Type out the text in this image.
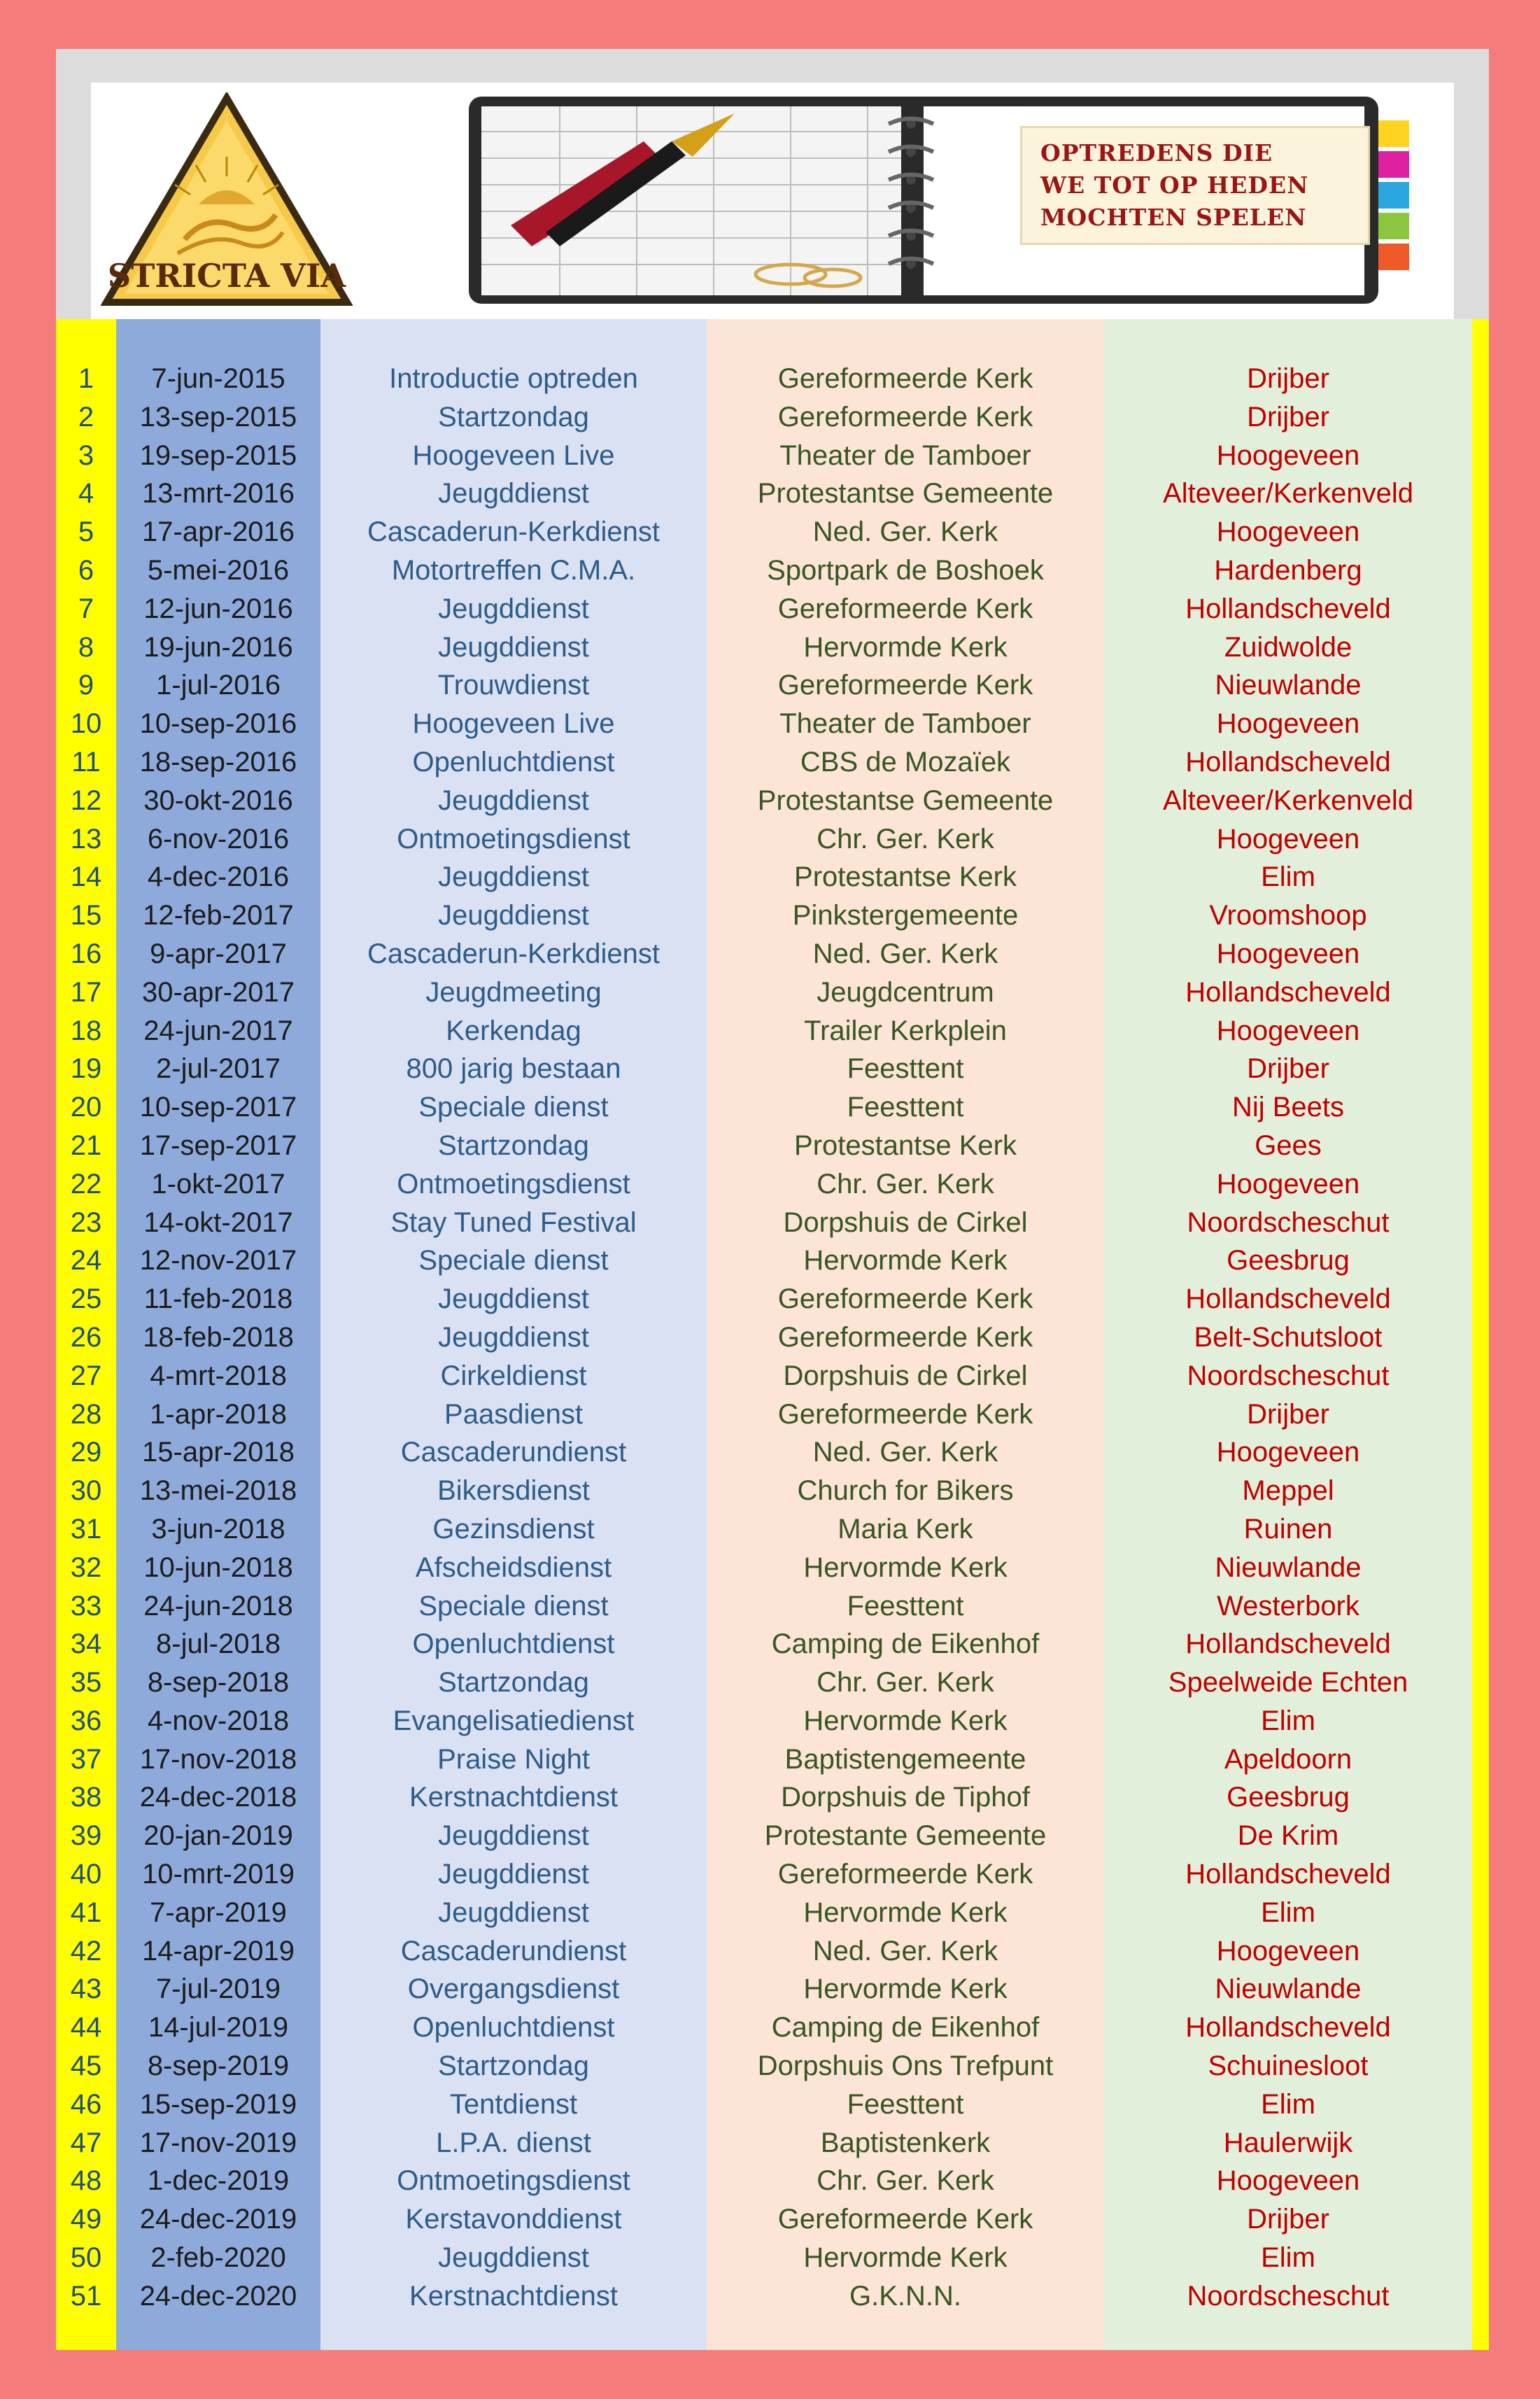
STRICTA VIA
OPTREDENS DIE
WE TOT OP HEDEN
MOCHTEN SPELEN
1	7-jun-2015	Introductie optreden	Gereformeerde Kerk	Drijber
2	13-sep-2015	Startzondag	Gereformeerde Kerk	Drijber
3	19-sep-2015	Hoogeveen Live	Theater de Tamboer	Hoogeveen
4	13-mrt-2016	Jeugddienst	Protestantse Gemeente	Alteveer/Kerkenveld
5	17-apr-2016	Cascaderun-Kerkdienst	Ned. Ger. Kerk	Hoogeveen
6	5-mei-2016	Motortreffen C.M.A.	Sportpark de Boshoek	Hardenberg
7	12-jun-2016	Jeugddienst	Gereformeerde Kerk	Hollandscheveld
8	19-jun-2016	Jeugddienst	Hervormde Kerk	Zuidwolde
9	1-jul-2016	Trouwdienst	Gereformeerde Kerk	Nieuwlande
10	10-sep-2016	Hoogeveen Live	Theater de Tamboer	Hoogeveen
11	18-sep-2016	Openluchtdienst	CBS de Mozaïek	Hollandscheveld
12	30-okt-2016	Jeugddienst	Protestantse Gemeente	Alteveer/Kerkenveld
13	6-nov-2016	Ontmoetingsdienst	Chr. Ger. Kerk	Hoogeveen
14	4-dec-2016	Jeugddienst	Protestantse Kerk	Elim
15	12-feb-2017	Jeugddienst	Pinkstergemeente	Vroomshoop
16	9-apr-2017	Cascaderun-Kerkdienst	Ned. Ger. Kerk	Hoogeveen
17	30-apr-2017	Jeugdmeeting	Jeugdcentrum	Hollandscheveld
18	24-jun-2017	Kerkendag	Trailer Kerkplein	Hoogeveen
19	2-jul-2017	800 jarig bestaan	Feesttent	Drijber
20	10-sep-2017	Speciale dienst	Feesttent	Nij Beets
21	17-sep-2017	Startzondag	Protestantse Kerk	Gees
22	1-okt-2017	Ontmoetingsdienst	Chr. Ger. Kerk	Hoogeveen
23	14-okt-2017	Stay Tuned Festival	Dorpshuis de Cirkel	Noordscheschut
24	12-nov-2017	Speciale dienst	Hervormde Kerk	Geesbrug
25	11-feb-2018	Jeugddienst	Gereformeerde Kerk	Hollandscheveld
26	18-feb-2018	Jeugddienst	Gereformeerde Kerk	Belt-Schutsloot
27	4-mrt-2018	Cirkeldienst	Dorpshuis de Cirkel	Noordscheschut
28	1-apr-2018	Paasdienst	Gereformeerde Kerk	Drijber
29	15-apr-2018	Cascaderundienst	Ned. Ger. Kerk	Hoogeveen
30	13-mei-2018	Bikersdienst	Church for Bikers	Meppel
31	3-jun-2018	Gezinsdienst	Maria Kerk	Ruinen
32	10-jun-2018	Afscheidsdienst	Hervormde Kerk	Nieuwlande
33	24-jun-2018	Speciale dienst	Feesttent	Westerbork
34	8-jul-2018	Openluchtdienst	Camping de Eikenhof	Hollandscheveld
35	8-sep-2018	Startzondag	Chr. Ger. Kerk	Speelweide Echten
36	4-nov-2018	Evangelisatiedienst	Hervormde Kerk	Elim
37	17-nov-2018	Praise Night	Baptistengemeente	Apeldoorn
38	24-dec-2018	Kerstnachtdienst	Dorpshuis de Tiphof	Geesbrug
39	20-jan-2019	Jeugddienst	Protestante Gemeente	De Krim
40	10-mrt-2019	Jeugddienst	Gereformeerde Kerk	Hollandscheveld
41	7-apr-2019	Jeugddienst	Hervormde Kerk	Elim
42	14-apr-2019	Cascaderundienst	Ned. Ger. Kerk	Hoogeveen
43	7-jul-2019	Overgangsdienst	Hervormde Kerk	Nieuwlande
44	14-jul-2019	Openluchtdienst	Camping de Eikenhof	Hollandscheveld
45	8-sep-2019	Startzondag	Dorpshuis Ons Trefpunt	Schuinesloot
46	15-sep-2019	Tentdienst	Feesttent	Elim
47	17-nov-2019	L.P.A. dienst	Baptistenkerk	Haulerwijk
48	1-dec-2019	Ontmoetingsdienst	Chr. Ger. Kerk	Hoogeveen
49	24-dec-2019	Kerstavonddienst	Gereformeerde Kerk	Drijber
50	2-feb-2020	Jeugddienst	Hervormde Kerk	Elim
51	24-dec-2020	Kerstnachtdienst	G.K.N.N.	Noordscheschut
